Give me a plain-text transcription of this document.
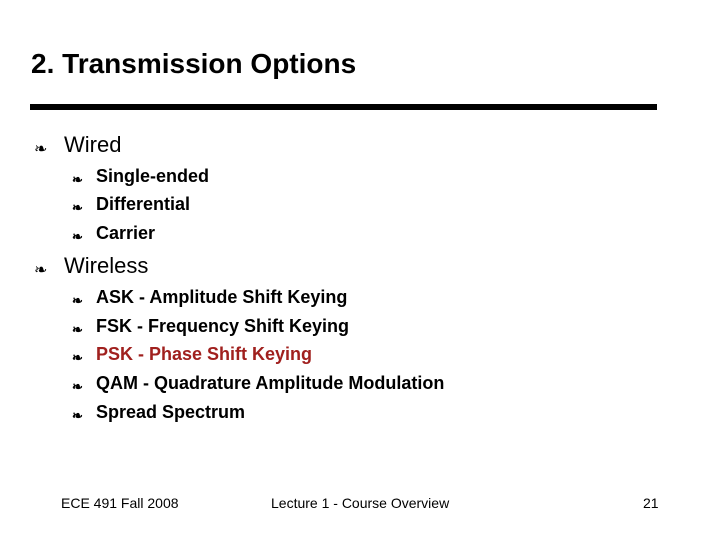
2. Transmission Options
❧ Wired
❧ Single-ended
❧ Differential
❧ Carrier
❧ Wireless
❧ ASK - Amplitude Shift Keying
❧ FSK - Frequency Shift Keying
❧ PSK - Phase Shift Keying
❧ QAM - Quadrature Amplitude Modulation
❧ Spread Spectrum
ECE 491 Fall 2008	Lecture 1 - Course Overview	21
